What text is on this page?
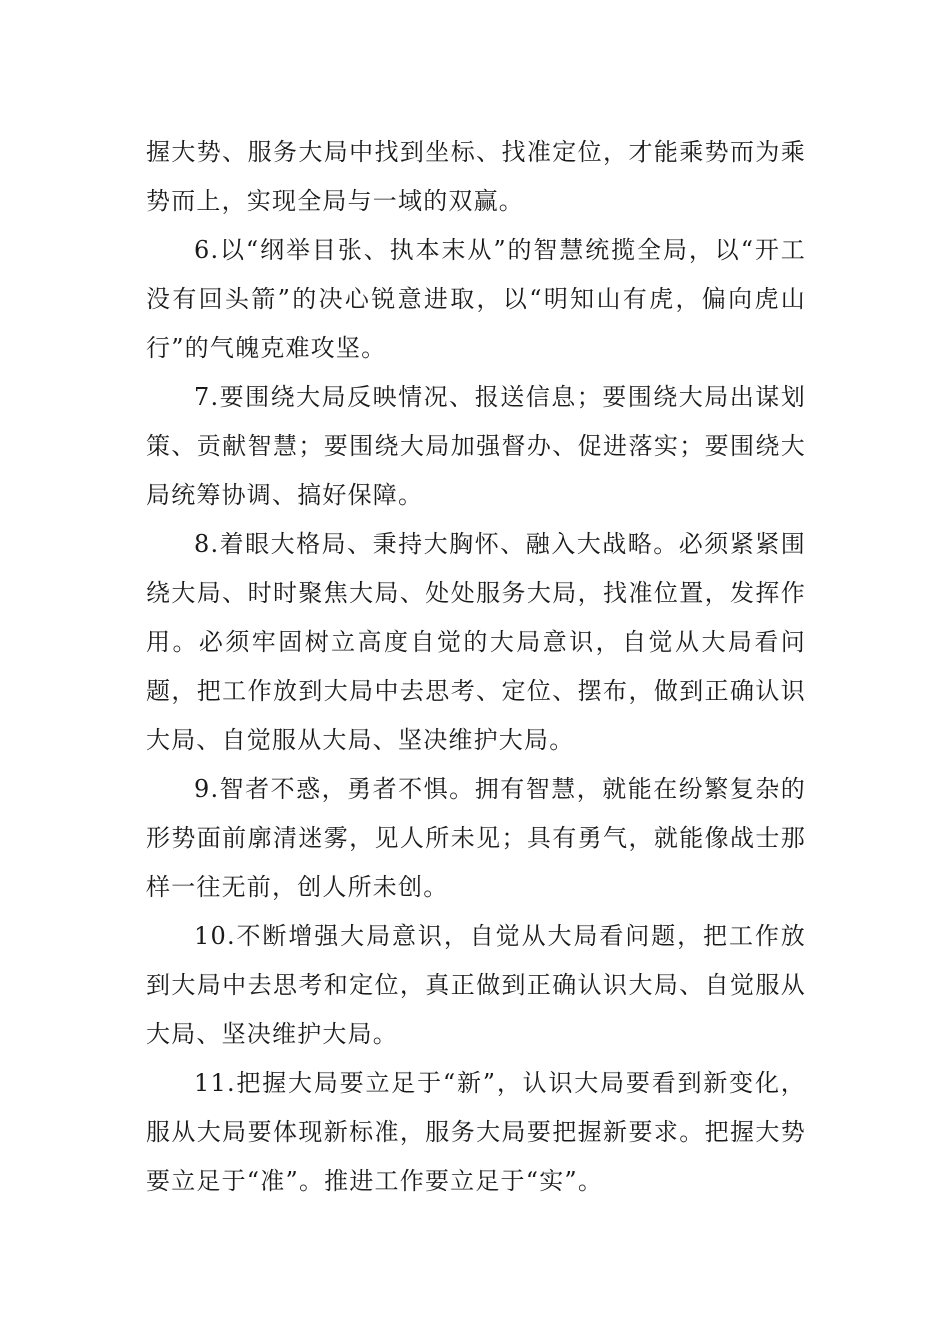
握大势、服务大局中找到坐标、找准定位，才能乘势而为乘势而上，实现全局与一域的双赢。

6.以“纲举目张、执本末从”的智慧统揽全局，以“开工没有回头箭”的决心锐意进取，以“明知山有虎，偏向虎山行”的气魄克难攻坚。

7.要围绕大局反映情况、报送信息；要围绕大局出谋划策、贡献智慧；要围绕大局加强督办、促进落实；要围绕大局统筹协调、搞好保障。

8.着眼大格局、秉持大胸怀、融入大战略。必须紧紧围绕大局、时时聚焦大局、处处服务大局，找准位置，发挥作用。必须牢固树立高度自觉的大局意识，自觉从大局看问题，把工作放到大局中去思考、定位、摆布，做到正确认识大局、自觉服从大局、坚决维护大局。

9.智者不惑，勇者不惧。拥有智慧，就能在纷繁复杂的形势面前廓清迷雾，见人所未见；具有勇气，就能像战士那样一往无前，创人所未创。

10.不断增强大局意识，自觉从大局看问题，把工作放到大局中去思考和定位，真正做到正确认识大局、自觉服从大局、坚决维护大局。

11.把握大局要立足于“新”，认识大局要看到新变化，服从大局要体现新标准，服务大局要把握新要求。把握大势要立足于“准”。推进工作要立足于“实”。
